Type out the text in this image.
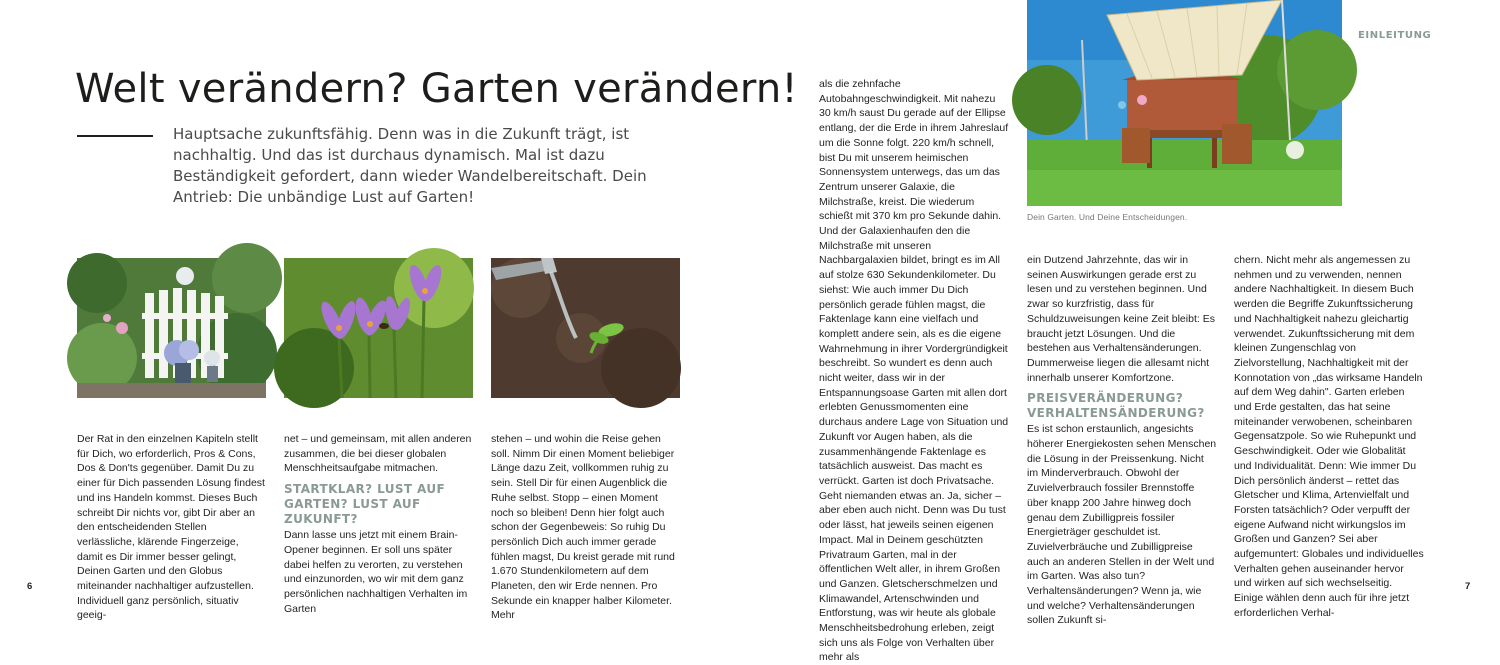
Welt verändern? Garten verändern!

Hauptsache zukunftsfähig. Denn was in die Zukunft trägt, ist nachhaltig. Und das ist durchaus dynamisch. Mal ist dazu Beständigkeit gefordert, dann wieder Wandelbereitschaft. Dein Antrieb: Die unbändige Lust auf Garten!

Der Rat in den einzelnen Kapiteln stellt für Dich, wo erforderlich, Pros & Cons, Dos & Don'ts gegenüber. Damit Du zu einer für Dich passenden Lösung findest und ins Handeln kommst. Dieses Buch schreibt Dir nichts vor, gibt Dir aber an den entscheidenden Stellen verlässliche, klärende Fingerzeige, damit es Dir immer besser gelingt, Deinen Garten und den Globus miteinander nachhaltiger aufzustellen. Individuell ganz persönlich, situativ geeig-

net – und gemeinsam, mit allen anderen zusammen, die bei dieser globalen Menschheitsaufgabe mitmachen.

STARTKLAR? LUST AUF GARTEN? LUST AUF ZUKUNFT?

Dann lasse uns jetzt mit einem Brain-Opener beginnen. Er soll uns später dabei helfen zu verorten, zu verstehen und einzunorden, wo wir mit dem ganz persönlichen nachhaltigen Verhalten im Garten

stehen – und wohin die Reise gehen soll. Nimm Dir einen Moment beliebiger Länge dazu Zeit, vollkommen ruhig zu sein. Stell Dir für einen Augenblick die Ruhe selbst. Stopp – einen Moment noch so bleiben! Denn hier folgt auch schon der Gegenbeweis: So ruhig Du persönlich Dich auch immer gerade fühlen magst, Du kreist gerade mit rund 1.670 Stundenkilometern auf dem Planeten, den wir Erde nennen. Pro Sekunde ein knapper halber Kilometer. Mehr

6

als die zehnfache Autobahngeschwindigkeit. Mit nahezu 30 km/h saust Du gerade auf der Ellipse entlang, der die Erde in ihrem Jahreslauf um die Sonne folgt. 220 km/h schnell, bist Du mit unserem heimischen Sonnensystem unterwegs, das um das Zentrum unserer Galaxie, die Milchstraße, kreist. Die wiederum schießt mit 370 km pro Sekunde dahin. Und der Galaxienhaufen den die Milchstraße mit unseren Nachbargalaxien bildet, bringt es im All auf stolze 630 Sekundenkilometer. Du siehst: Wie auch immer Du Dich persönlich gerade fühlen magst, die Faktenlage kann eine vielfach und komplett andere sein, als es die eigene Wahrnehmung in ihrer Vordergründigkeit beschreibt. So wundert es denn auch nicht weiter, dass wir in der Entspannungsoase Garten mit allen dort erlebten Genussmomenten eine durchaus andere Lage von Situation und Zukunft vor Augen haben, als die zusammenhängende Faktenlage es tatsächlich ausweist. Das macht es verrückt. Garten ist doch Privatsache. Geht niemanden etwas an. Ja, sicher – aber eben auch nicht. Denn was Du tust oder lässt, hat jeweils seinen eigenen Impact. Mal in Deinem geschützten Privatraum Garten, mal in der öffentlichen Welt aller, in ihrem Großen und Ganzen. Gletscherschmelzen und Klimawandel, Artenschwinden und Entforstung, was wir heute als globale Menschheitsbedrohung erleben, zeigt sich uns als Folge von Verhalten über mehr als

Dein Garten. Und Deine Entscheidungen.
EINLEITUNG

ein Dutzend Jahrzehnte, das wir in seinen Auswirkungen gerade erst zu lesen und zu verstehen beginnen. Und zwar so kurzfristig, dass für Schuldzuweisungen keine Zeit bleibt: Es braucht jetzt Lösungen. Und die bestehen aus Verhaltensänderungen. Dummerweise liegen die allesamt nicht innerhalb unserer Komfortzone.

PREISVERÄNDERUNG? VERHALTENSÄNDERUNG?

Es ist schon erstaunlich, angesichts höherer Energiekosten sehen Menschen die Lösung in der Preissenkung. Nicht im Minderverbrauch. Obwohl der Zuvielverbrauch fossiler Brennstoffe über knapp 200 Jahre hinweg doch genau dem Zubilligpreis fossiler Energieträger geschuldet ist. Zuvielverbräuche und Zubilligpreise auch an anderen Stellen in der Welt und im Garten. Was also tun? Verhaltensänderungen? Wenn ja, wie und welche? Verhaltensänderungen sollen Zukunft si-

chern. Nicht mehr als angemessen zu nehmen und zu verwenden, nennen andere Nachhaltigkeit. In diesem Buch werden die Begriffe Zukunftssicherung und Nachhaltigkeit nahezu gleichartig verwendet. Zukunftssicherung mit dem kleinen Zungenschlag von Zielvorstellung, Nachhaltigkeit mit der Konnotation von „das wirksame Handeln auf dem Weg dahin". Garten erleben und Erde gestalten, das hat seine miteinander verwobenen, scheinbaren Gegensatzpole. So wie Ruhepunkt und Geschwindigkeit. Oder wie Globalität und Individualität. Denn: Wie immer Du Dich persönlich änderst – rettet das Gletscher und Klima, Artenvielfalt und Forsten tatsächlich? Oder verpufft der eigene Aufwand nicht wirkungslos im Großen und Ganzen? Sei aber aufgemuntert: Globales und individuelles Verhalten gehen auseinander hervor und wirken auf sich wechselseitig. Einige wählen denn auch für ihre jetzt erforderlichen Verhal-

7
